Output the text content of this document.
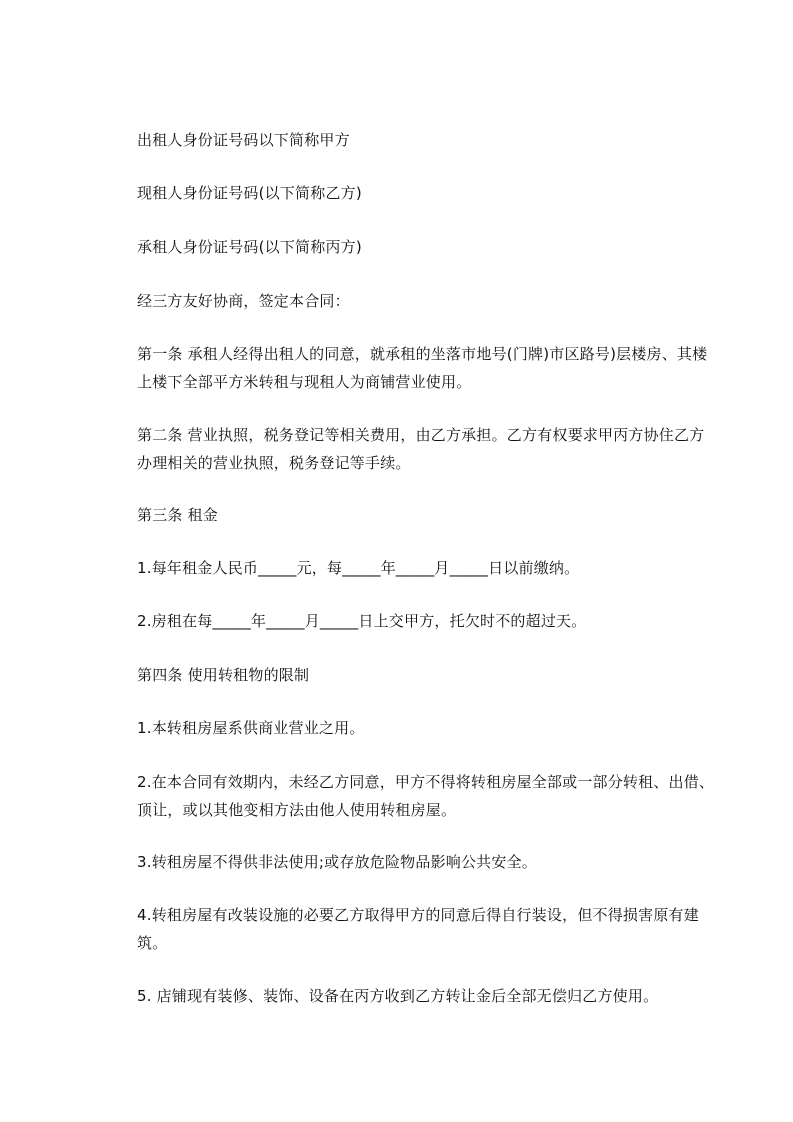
出租人身份证号码以下简称甲方

现租人身份证号码(以下简称乙方)

承租人身份证号码(以下简称丙方)

经三方友好协商，签定本合同：

第一条 承租人经得出租人的同意，就承租的坐落市地号(门牌)市区路号)层楼房、其楼上楼下全部平方米转租与现租人为商铺营业使用。

第二条 营业执照，税务登记等相关费用，由乙方承担。乙方有权要求甲丙方协住乙方办理相关的营业执照，税务登记等手续。

第三条 租金

1.每年租金人民币_____元，每_____年_____月_____日以前缴纳。

2.房租在每_____年_____月_____日上交甲方，托欠时不的超过天。

第四条 使用转租物的限制

1.本转租房屋系供商业营业之用。

2.在本合同有效期内，未经乙方同意，甲方不得将转租房屋全部或一部分转租、出借、顶让，或以其他变相方法由他人使用转租房屋。

3.转租房屋不得供非法使用;或存放危险物品影响公共安全。

4.转租房屋有改装设施的必要乙方取得甲方的同意后得自行装设，但不得损害原有建筑。

5. 店铺现有装修、装饰、设备在丙方收到乙方转让金后全部无偿归乙方使用。
